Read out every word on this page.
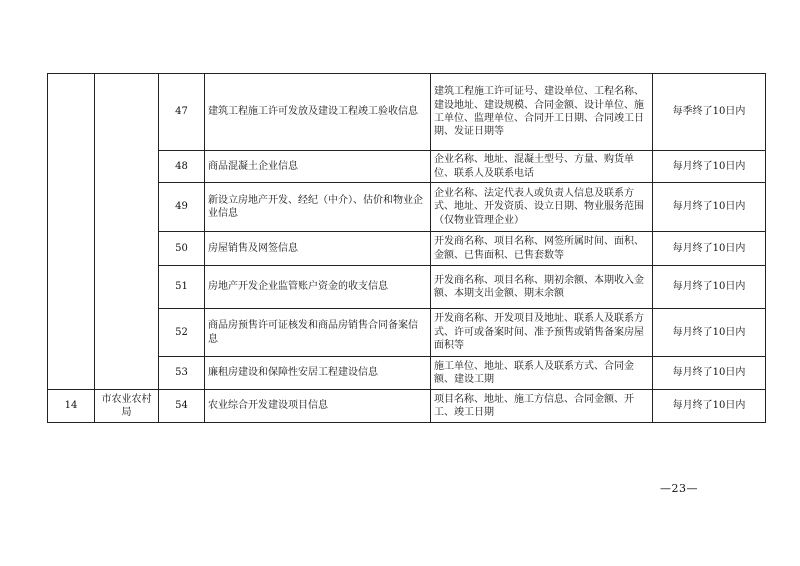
		47	建筑工程施工许可发放及建设工程竣工验收信息	建筑工程施工许可证号、建设单位、工程名称、建设地址、建设规模、合同金额、设计单位、施工单位、监理单位、合同开工日期、合同竣工日期、发证日期等	每季终了10日内
		48	商品混凝土企业信息	企业名称、地址、混凝土型号、方量、购货单位、联系人及联系电话	每月终了10日内
		49	新设立房地产开发、经纪（中介）、估价和物业企业信息	企业名称、法定代表人或负责人信息及联系方式、地址、开发资质、设立日期、物业服务范围（仅物业管理企业）	每月终了10日内
		50	房屋销售及网签信息	开发商名称、项目名称、网签所属时间、面积、金额、已售面积、已售套数等	每月终了10日内
		51	房地产开发企业监管账户资金的收支信息	开发商名称、项目名称、期初余额、本期收入金额、本期支出金额、期末余额	每月终了10日内
		52	商品房预售许可证核发和商品房销售合同备案信息	开发商名称、开发项目及地址、联系人及联系方式、许可或备案时间、准予预售或销售备案房屋面积等	每月终了10日内
		53	廉租房建设和保障性安居工程建设信息	施工单位、地址、联系人及联系方式、合同金额、建设工期	每月终了10日内
14	市农业农村局	54	农业综合开发建设项目信息	项目名称、地址、施工方信息、合同金额、开工、竣工日期	每月终了10日内
—23—
